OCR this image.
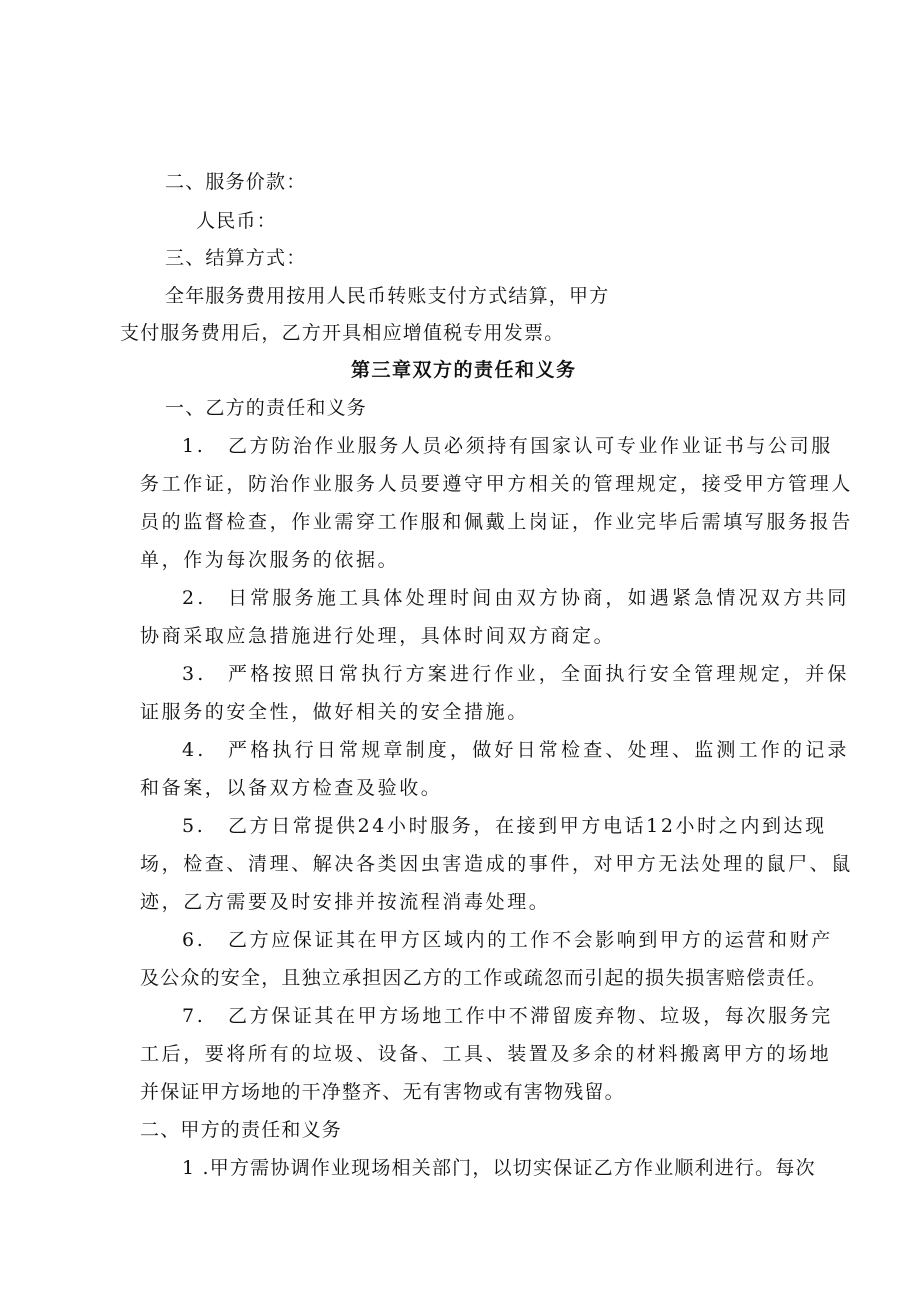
二、服务价款：

人民币：

三、结算方式：

全年服务费用按用人民币转账支付方式结算，甲方

支付服务费用后，乙方开具相应增值税专用发票。

第三章双方的责任和义务

一、乙方的责任和义务

1. 乙方防治作业服务人员必须持有国家认可专业作业证书与公司服

务工作证，防治作业服务人员要遵守甲方相关的管理规定，接受甲方管理人

员的监督检查，作业需穿工作服和佩戴上岗证，作业完毕后需填写服务报告

单，作为每次服务的依据。

2. 日常服务施工具体处理时间由双方协商，如遇紧急情况双方共同

协商采取应急措施进行处理，具体时间双方商定。

3. 严格按照日常执行方案进行作业，全面执行安全管理规定，并保

证服务的安全性，做好相关的安全措施。

4. 严格执行日常规章制度，做好日常检查、处理、监测工作的记录

和备案，以备双方检查及验收。

5. 乙方日常提供24小时服务，在接到甲方电话12小时之内到达现

场，检查、清理、解决各类因虫害造成的事件，对甲方无法处理的鼠尸、鼠

迹，乙方需要及时安排并按流程消毒处理。

6. 乙方应保证其在甲方区域内的工作不会影响到甲方的运营和财产

及公众的安全，且独立承担因乙方的工作或疏忽而引起的损失损害赔偿责任。

7. 乙方保证其在甲方场地工作中不滞留废弃物、垃圾，每次服务完

工后，要将所有的垃圾、设备、工具、装置及多余的材料搬离甲方的场地

并保证甲方场地的干净整齐、无有害物或有害物残留。

二、甲方的责任和义务

1 .甲方需协调作业现场相关部门，以切实保证乙方作业顺利进行。每次
